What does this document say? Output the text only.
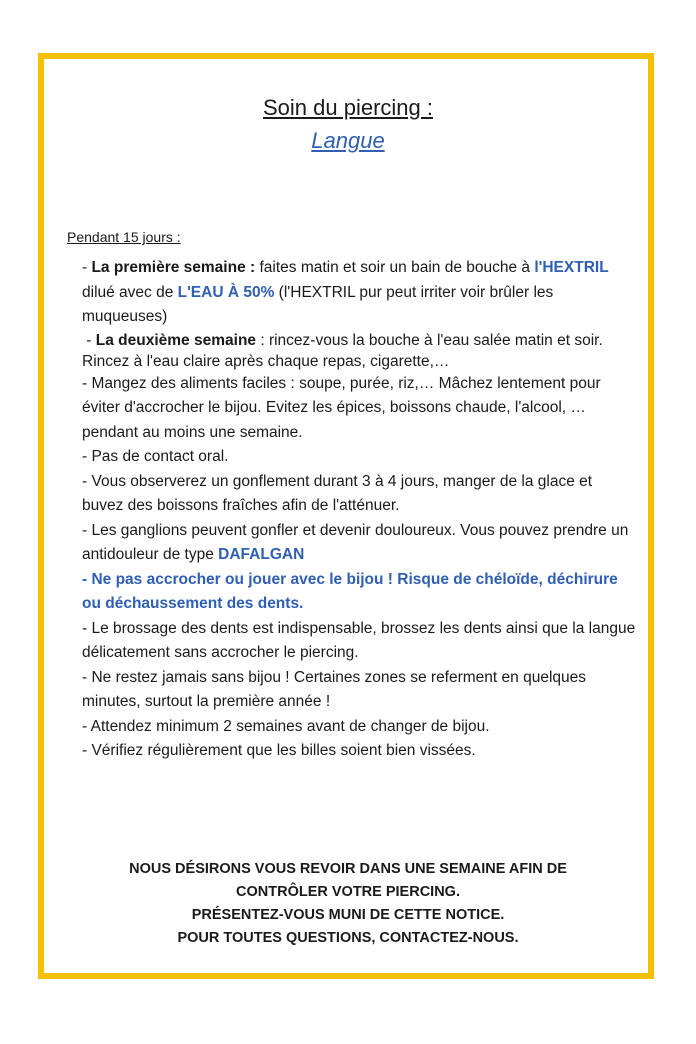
Soin du piercing :
Langue
Pendant 15 jours :

- La première semaine : faites matin et soir un bain de bouche à l'HEXTRIL dilué avec de L'EAU À 50% (l'HEXTRIL pur peut irriter voir brûler les muqueuses)

- La deuxième semaine : rincez-vous la bouche à l'eau salée matin et soir. Rincez à l'eau claire après chaque repas, cigarette,…

- Mangez des aliments faciles : soupe, purée, riz,… Mâchez lentement pour éviter d'accrocher le bijou. Evitez les épices, boissons chaude, l'alcool, … pendant au moins une semaine.

- Pas de contact oral.

- Vous observerez un gonflement durant 3 à 4 jours, manger de la glace et buvez des boissons fraîches afin de l'atténuer.

- Les ganglions peuvent gonfler et devenir douloureux. Vous pouvez prendre un antidouleur de type DAFALGAN

- Ne pas accrocher ou jouer avec le bijou ! Risque de chéloïde, déchirure ou déchaussement des dents.

- Le brossage des dents est indispensable, brossez les dents ainsi que la langue délicatement sans accrocher le piercing.

- Ne restez jamais sans bijou ! Certaines zones se referment en quelques minutes, surtout la première année !

- Attendez minimum 2 semaines avant de changer de bijou.

- Vérifiez régulièrement que les billes soient bien vissées.

NOUS DÉSIRONS VOUS REVOIR DANS UNE SEMAINE AFIN DE
CONTRÔLER VOTRE PIERCING.
PRÉSENTEZ-VOUS MUNI DE CETTE NOTICE.
POUR TOUTES QUESTIONS, CONTACTEZ-NOUS.
